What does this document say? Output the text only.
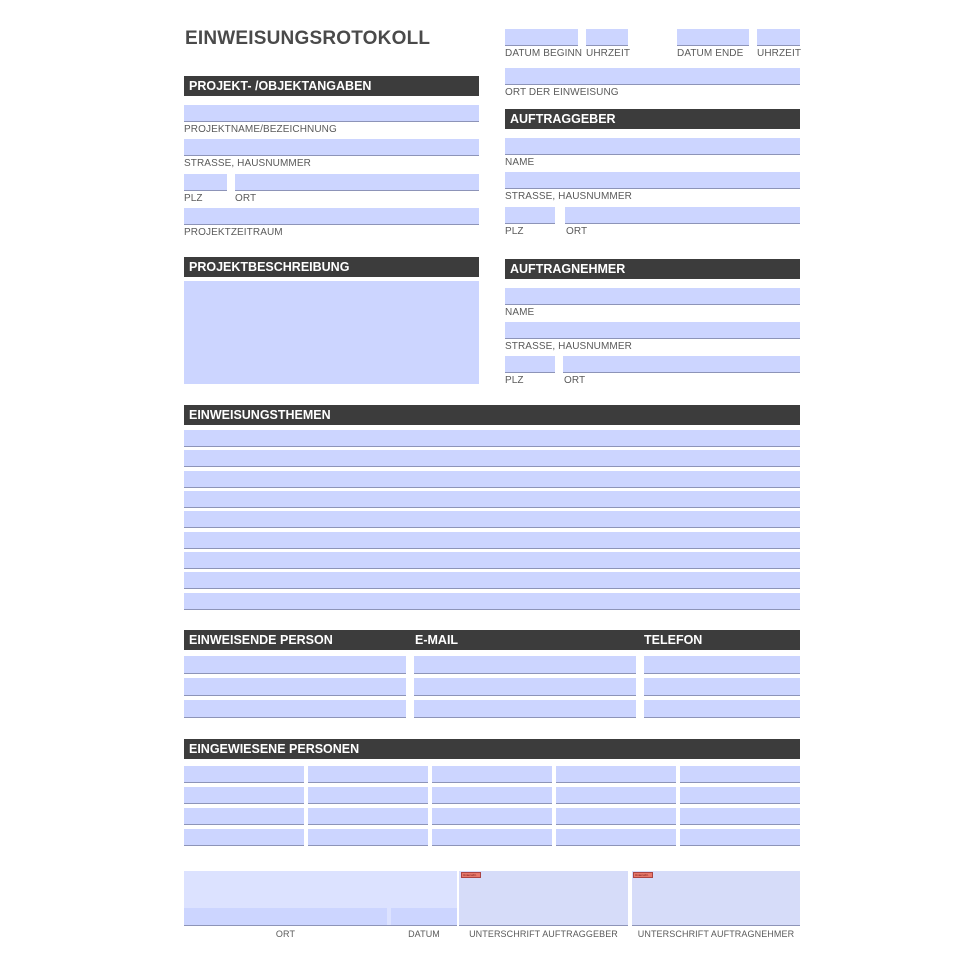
EINWEISUNGSROTOKOLL
DATUM BEGINN UHRZEIT	DATUM ENDE UHRZEIT
ORT DER EINWEISUNG
PROJEKT- /OBJEKTANGABEN
PROJEKTNAME/BEZEICHNUNG
STRASSE, HAUSNUMMER
PLZ	ORT
PROJEKTZEITRAUM
PROJEKTBESCHREIBUNG
AUFTRAGGEBER
NAME
STRASSE, HAUSNUMMER
PLZ	ORT
AUFTRAGNEHMER
NAME
STRASSE, HAUSNUMMER
PLZ	ORT
EINWEISUNGSTHEMEN
EINWEISENDE PERSON	E-MAIL	TELEFON
EINGEWIESENE PERSONEN
ORT	DATUM
Unterschr.
UNTERSCHRIFT AUFTRAGGEBER
Unterschr.
UNTERSCHRIFT AUFTRAGNEHMER
